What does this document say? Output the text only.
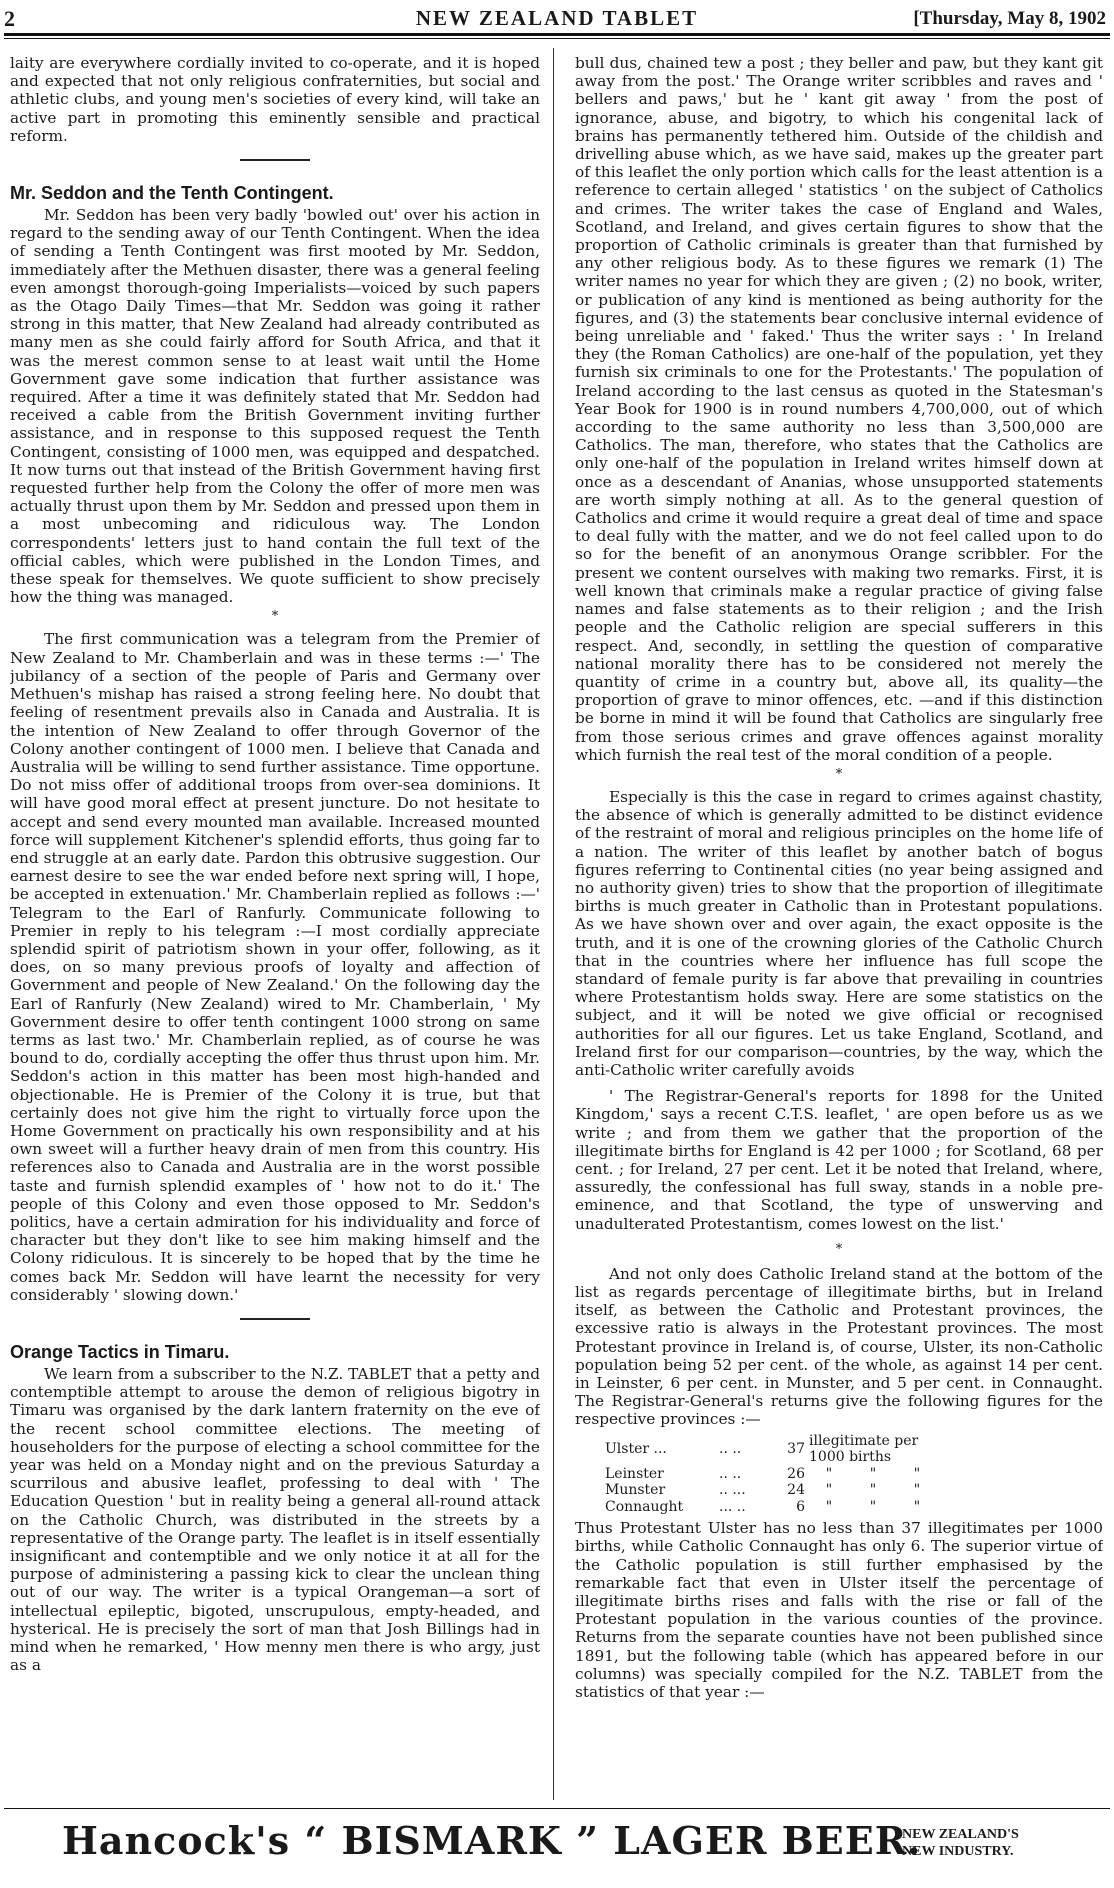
2	NEW ZEALAND TABLET	[Thursday, May 8, 1902

laity are everywhere cordially invited to co-operate, and it is hoped and expected that not only religious confraternities, but social and athletic clubs, and young men's societies of every kind, will take an active part in promoting this eminently sensible and practical reform.

Mr. Seddon and the Tenth Contingent.

Mr. Seddon has been very badly 'bowled out' over his action in regard to the sending away of our Tenth Contingent. When the idea of sending a Tenth Contingent was first mooted by Mr. Seddon, immediately after the Methuen disaster, there was a general feeling even amongst thorough-going Imperialists—voiced by such papers as the Otago Daily Times—that Mr. Seddon was going it rather strong in this matter, that New Zealand had already contributed as many men as she could fairly afford for South Africa, and that it was the merest common sense to at least wait until the Home Government gave some indication that further assistance was required. After a time it was definitely stated that Mr. Seddon had received a cable from the British Government inviting further assistance, and in response to this supposed request the Tenth Contingent, consisting of 1000 men, was equipped and despatched. It now turns out that instead of the British Government having first requested further help from the Colony the offer of more men was actually thrust upon them by Mr. Seddon and pressed upon them in a most unbecoming and ridiculous way. The London correspondents' letters just to hand contain the full text of the official cables, which were published in the London Times, and these speak for themselves. We quote sufficient to show precisely how the thing was managed.

*

The first communication was a telegram from the Premier of New Zealand to Mr. Chamberlain and was in these terms :—' The jubilancy of a section of the people of Paris and Germany over Methuen's mishap has raised a strong feeling here. No doubt that feeling of resentment prevails also in Canada and Australia. It is the intention of New Zealand to offer through Governor of the Colony another contingent of 1000 men. I believe that Canada and Australia will be willing to send further assistance. Time opportune. Do not miss offer of additional troops from over-sea dominions. It will have good moral effect at present juncture. Do not hesitate to accept and send every mounted man available. Increased mounted force will supplement Kitchener's splendid efforts, thus going far to end struggle at an early date. Pardon this obtrusive suggestion. Our earnest desire to see the war ended before next spring will, I hope, be accepted in extenuation.' Mr. Chamberlain replied as follows :—' Telegram to the Earl of Ranfurly. Communicate following to Premier in reply to his telegram :—I most cordially appreciate splendid spirit of patriotism shown in your offer, following, as it does, on so many previous proofs of loyalty and affection of Government and people of New Zealand.' On the following day the Earl of Ranfurly (New Zealand) wired to Mr. Chamberlain, ' My Government desire to offer tenth contingent 1000 strong on same terms as last two.' Mr. Chamberlain replied, as of course he was bound to do, cordially accepting the offer thus thrust upon him. Mr. Seddon's action in this matter has been most high-handed and objectionable. He is Premier of the Colony it is true, but that certainly does not give him the right to virtually force upon the Home Government on practically his own responsibility and at his own sweet will a further heavy drain of men from this country. His references also to Canada and Australia are in the worst possible taste and furnish splendid examples of ' how not to do it.' The people of this Colony and even those opposed to Mr. Seddon's politics, have a certain admiration for his individuality and force of character but they don't like to see him making himself and the Colony ridiculous. It is sincerely to be hoped that by the time he comes back Mr. Seddon will have learnt the necessity for very considerably ' slowing down.'

Orange Tactics in Timaru.

We learn from a subscriber to the N.Z. TABLET that a petty and contemptible attempt to arouse the demon of religious bigotry in Timaru was organised by the dark lantern fraternity on the eve of the recent school committee elections. The meeting of householders for the purpose of electing a school committee for the year was held on a Monday night and on the previous Saturday a scurrilous and abusive leaflet, professing to deal with ' The Education Question ' but in reality being a general all-round attack on the Catholic Church, was distributed in the streets by a representative of the Orange party. The leaflet is in itself essentially insignificant and contemptible and we only notice it at all for the purpose of administering a passing kick to clear the unclean thing out of our way. The writer is a typical Orangeman—a sort of intellectual epileptic, bigoted, unscrupulous, empty-headed, and hysterical. He is precisely the sort of man that Josh Billings had in mind when he remarked, ' How menny men there is who argy, just as a

bull dus, chained tew a post ; they beller and paw, but they kant git away from the post.' The Orange writer scribbles and raves and ' bellers and paws,' but he ' kant git away ' from the post of ignorance, abuse, and bigotry, to which his congenital lack of brains has permanently tethered him. Outside of the childish and drivelling abuse which, as we have said, makes up the greater part of this leaflet the only portion which calls for the least attention is a reference to certain alleged ' statistics ' on the subject of Catholics and crimes. The writer takes the case of England and Wales, Scotland, and Ireland, and gives certain figures to show that the proportion of Catholic criminals is greater than that furnished by any other religious body. As to these figures we remark (1) The writer names no year for which they are given ; (2) no book, writer, or publication of any kind is mentioned as being authority for the figures, and (3) the statements bear conclusive internal evidence of being unreliable and ' faked.' Thus the writer says : ' In Ireland they (the Roman Catholics) are one-half of the population, yet they furnish six criminals to one for the Protestants.' The population of Ireland according to the last census as quoted in the Statesman's Year Book for 1900 is in round numbers 4,700,000, out of which according to the same authority no less than 3,500,000 are Catholics. The man, therefore, who states that the Catholics are only one-half of the population in Ireland writes himself down at once as a descendant of Ananias, whose unsupported statements are worth simply nothing at all. As to the general question of Catholics and crime it would require a great deal of time and space to deal fully with the matter, and we do not feel called upon to do so for the benefit of an anonymous Orange scribbler. For the present we content ourselves with making two remarks. First, it is well known that criminals make a regular practice of giving false names and false statements as to their religion ; and the Irish people and the Catholic religion are special sufferers in this respect. And, secondly, in settling the question of comparative national morality there has to be considered not merely the quantity of crime in a country but, above all, its quality—the proportion of grave to minor offences, etc. —and if this distinction be borne in mind it will be found that Catholics are singularly free from those serious crimes and grave offences against morality which furnish the real test of the moral condition of a people.

*

Especially is this the case in regard to crimes against chastity, the absence of which is generally admitted to be distinct evidence of the restraint of moral and religious principles on the home life of a nation. The writer of this leaflet by another batch of bogus figures referring to Continental cities (no year being assigned and no authority given) tries to show that the proportion of illegitimate births is much greater in Catholic than in Protestant populations. As we have shown over and over again, the exact opposite is the truth, and it is one of the crowning glories of the Catholic Church that in the countries where her influence has full scope the standard of female purity is far above that prevailing in countries where Protestantism holds sway. Here are some statistics on the subject, and it will be noted we give official or recognised authorities for all our figures. Let us take England, Scotland, and Ireland first for our comparison—countries, by the way, which the anti-Catholic writer carefully avoids

' The Registrar-General's reports for 1898 for the United Kingdom,' says a recent C.T.S. leaflet, ' are open before us as we write ; and from them we gather that the proportion of the illegitimate births for England is 42 per 1000 ; for Scotland, 68 per cent. ; for Ireland, 27 per cent. Let it be noted that Ireland, where, assuredly, the confessional has full sway, stands in a noble pre-eminence, and that Scotland, the type of unswerving and unadulterated Protestantism, comes lowest on the list.'

*

And not only does Catholic Ireland stand at the bottom of the list as regards percentage of illegitimate births, but in Ireland itself, as between the Catholic and Protestant provinces, the excessive ratio is always in the Protestant provinces. The most Protestant province in Ireland is, of course, Ulster, its non-Catholic population being 52 per cent. of the whole, as against 14 per cent. in Leinster, 6 per cent. in Munster, and 5 per cent. in Connaught. The Registrar-General's returns give the following figures for the respective provinces :—

Ulster ...	.. ..	37	illegitimate per 1000 births		
Leinster	.. ..	26	"	"	"
Munster	.. ...	24	"	"	"
Connaught	... ..	6	"	"	"

Thus Protestant Ulster has no less than 37 illegitimates per 1000 births, while Catholic Connaught has only 6. The superior virtue of the Catholic population is still further emphasised by the remarkable fact that even in Ulster itself the percentage of illegitimate births rises and falls with the rise or fall of the Protestant population in the various counties of the province. Returns from the separate counties have not been published since 1891, but the following table (which has appeared before in our columns) was specially compiled for the N.Z. TABLET from the statistics of that year :—

Hancock's “ BISMARK ” LAGER BEER.
NEW ZEALAND'S
NEW INDUSTRY.
